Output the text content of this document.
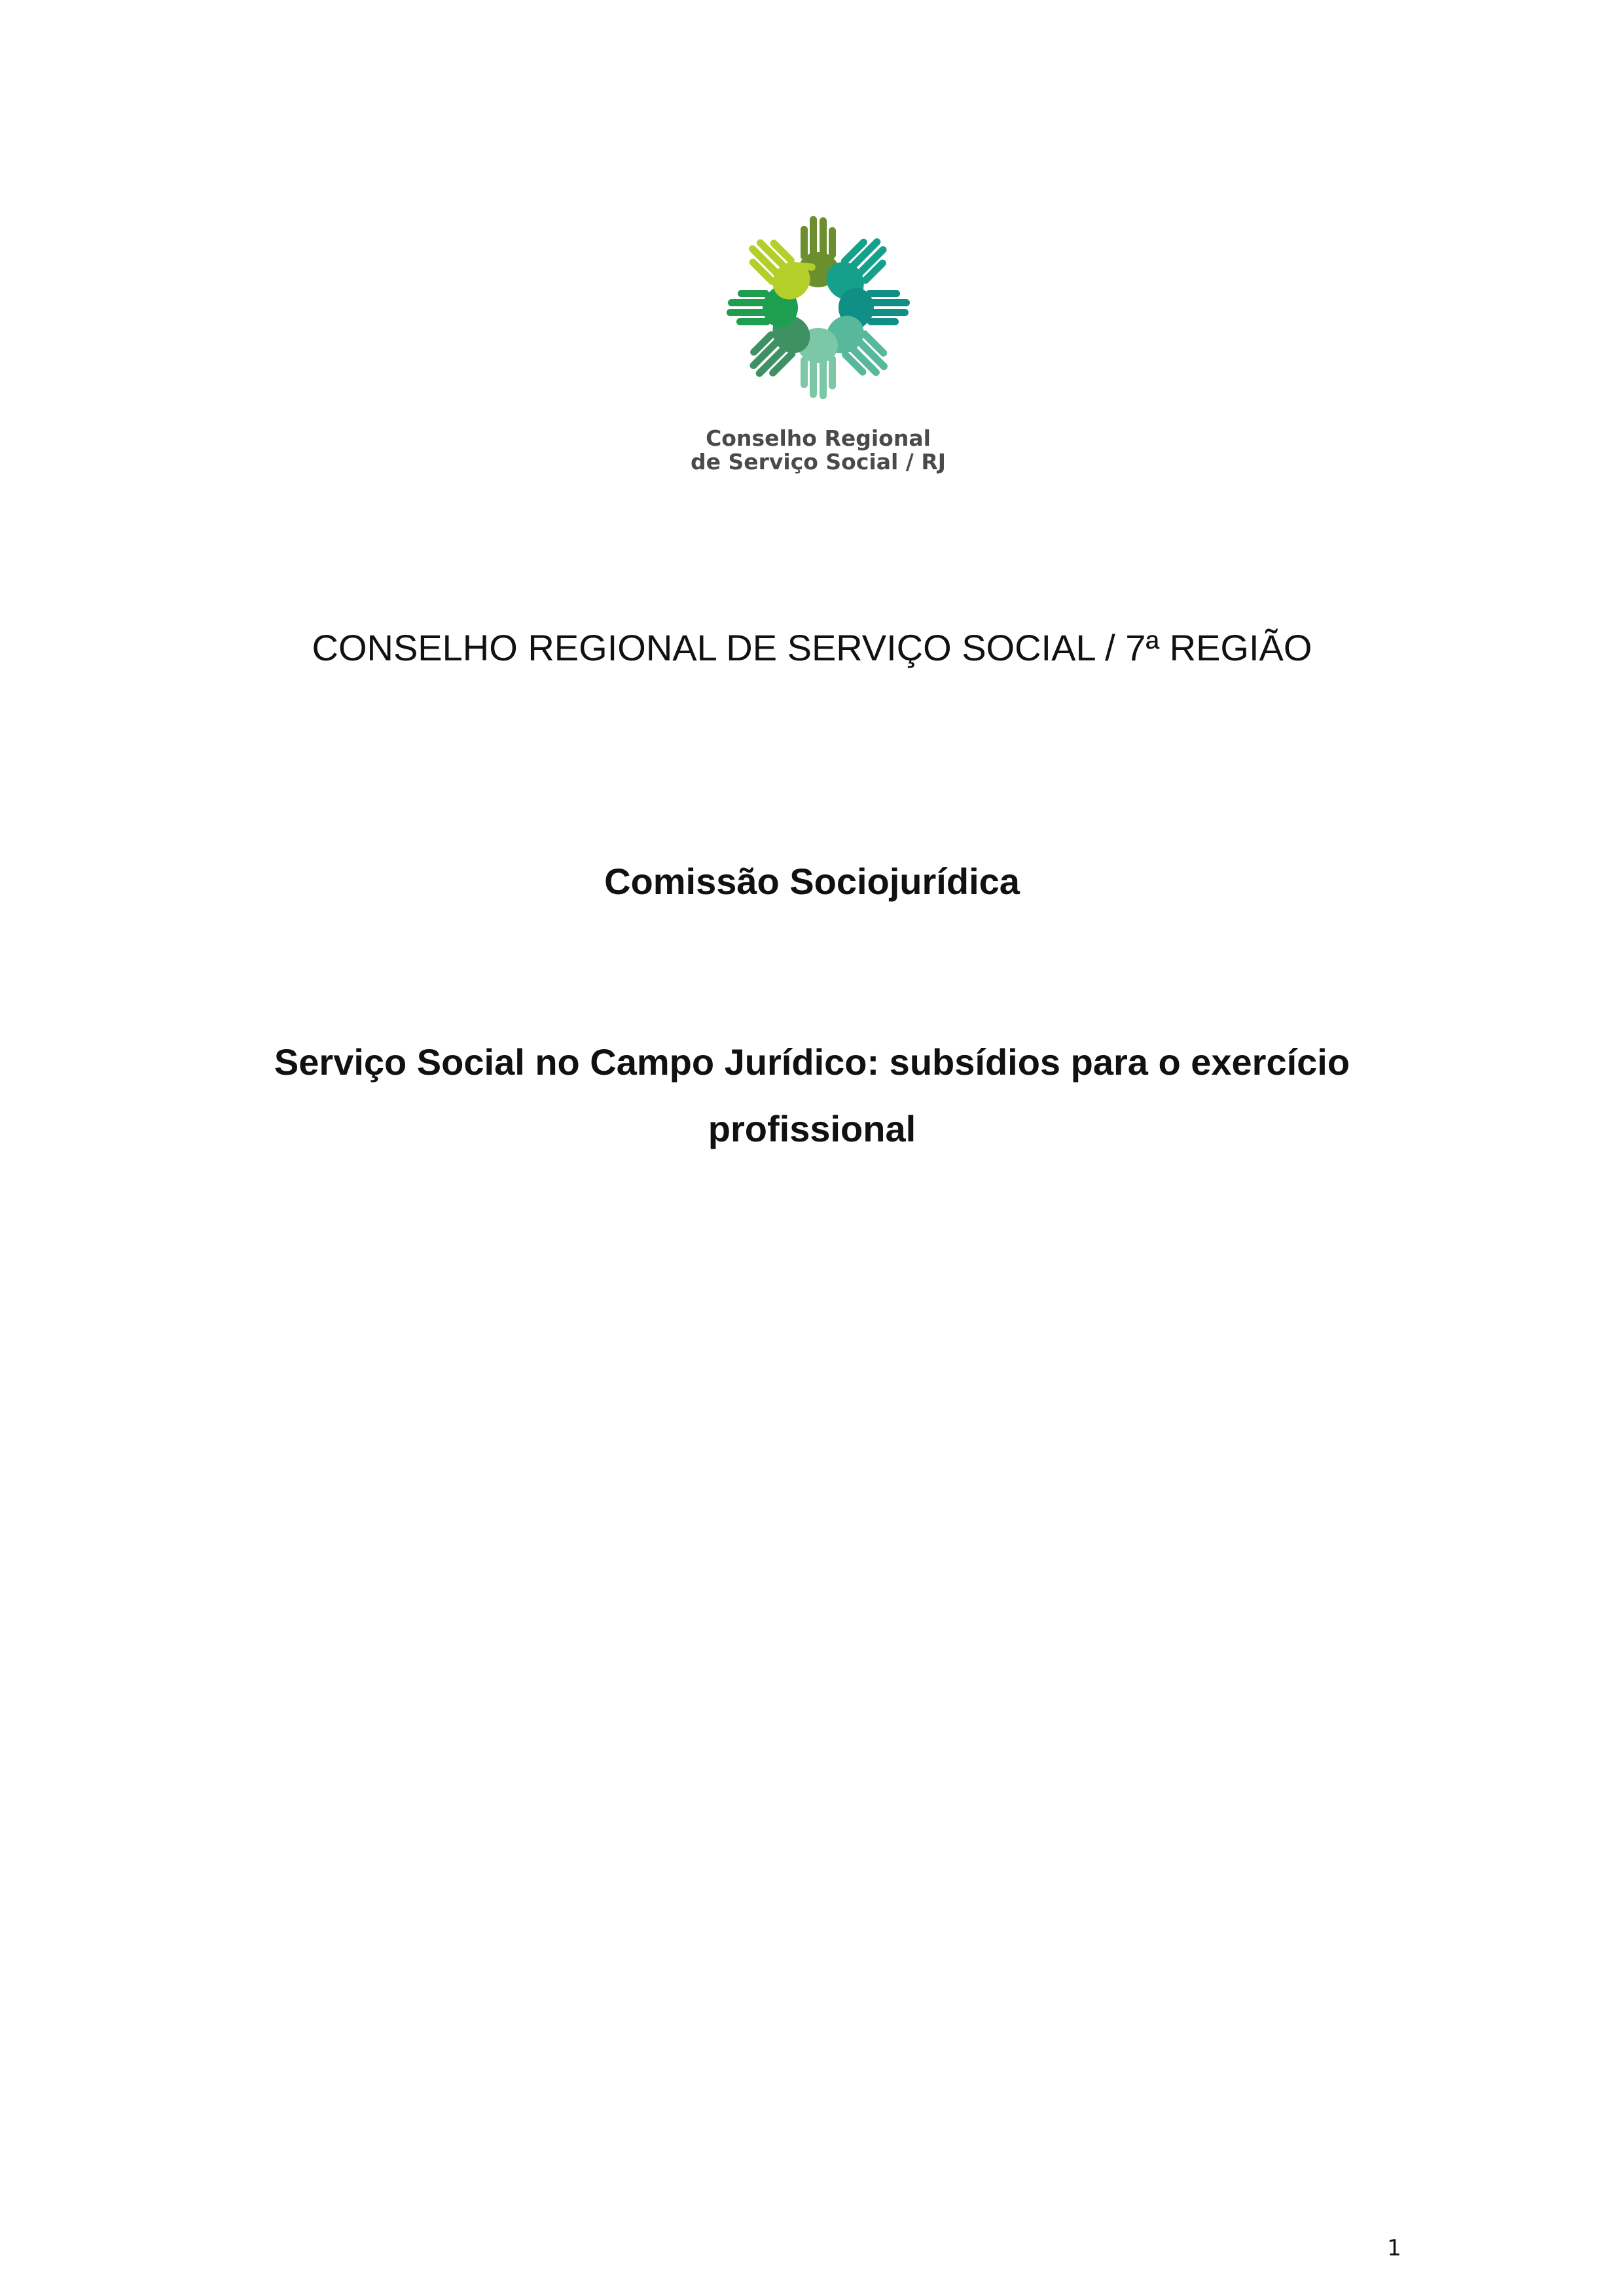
Conselho Regional
de Serviço Social / RJ
CONSELHO REGIONAL DE SERVIÇO SOCIAL / 7ª REGIÃO
Comissão Sociojurídica
Serviço Social no Campo Jurídico: subsídios para o exercício
profissional
1
